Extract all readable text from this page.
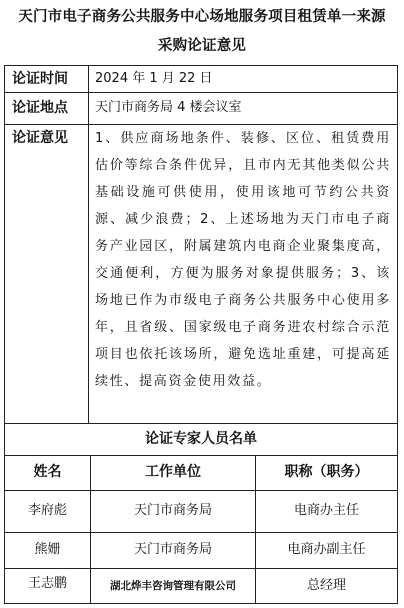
天门市电子商务公共服务中心场地服务项目租赁单一来源
采购论证意见
论证时间 2024 年 1 月 22 日
论证地点 天门市商务局 4 楼会议室
论证意见 1、供应商场地条件、装修、区位、租赁费用估价等综合条件优异，且市内无其他类似公共基础设施可供使用，使用该地可节约公共资源、减少浪费；2、上述场地为天门市电子商务产业园区，附属建筑内电商企业聚集度高，交通便利，方便为服务对象提供服务；3、该场地已作为市级电子商务公共服务中心使用多年，且省级、国家级电子商务进农村综合示范项目也依托该场所，避免选址重建，可提高延续性、提高资金使用效益。
论证专家人员名单
姓名	工作单位	职称（职务）
李府彪	天门市商务局	电商办主任
熊姗	天门市商务局	电商办副主任
王志鹏	湖北烨丰咨询管理有限公司	总经理
